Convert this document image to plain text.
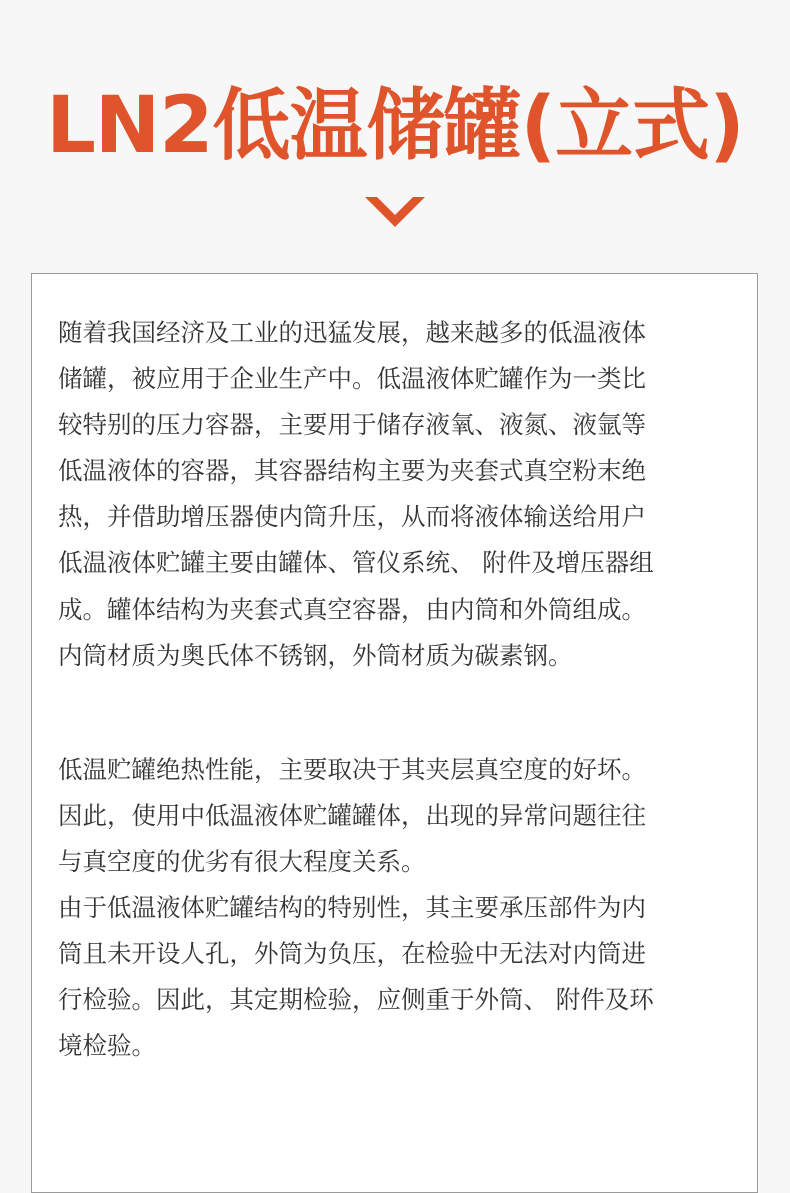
LN2低温储罐(立式)

随着我国经济及工业的迅猛发展，越来越多的低温液体
储罐，被应用于企业生产中。低温液体贮罐作为一类比
较特别的压力容器，主要用于储存液氧、液氮、液氩等
低温液体的容器，其容器结构主要为夹套式真空粉末绝
热，并借助增压器使内筒升压，从而将液体输送给用户
低温液体贮罐主要由罐体、管仪系统、 附件及增压器组
成。罐体结构为夹套式真空容器，由内筒和外筒组成。
内筒材质为奥氏体不锈钢，外筒材质为碳素钢。

低温贮罐绝热性能，主要取决于其夹层真空度的好坏。
因此，使用中低温液体贮罐罐体，出现的异常问题往往
与真空度的优劣有很大程度关系。

由于低温液体贮罐结构的特别性，其主要承压部件为内
筒且未开设人孔，外筒为负压，在检验中无法对内筒进
行检验。因此，其定期检验，应侧重于外筒、 附件及环
境检验。
